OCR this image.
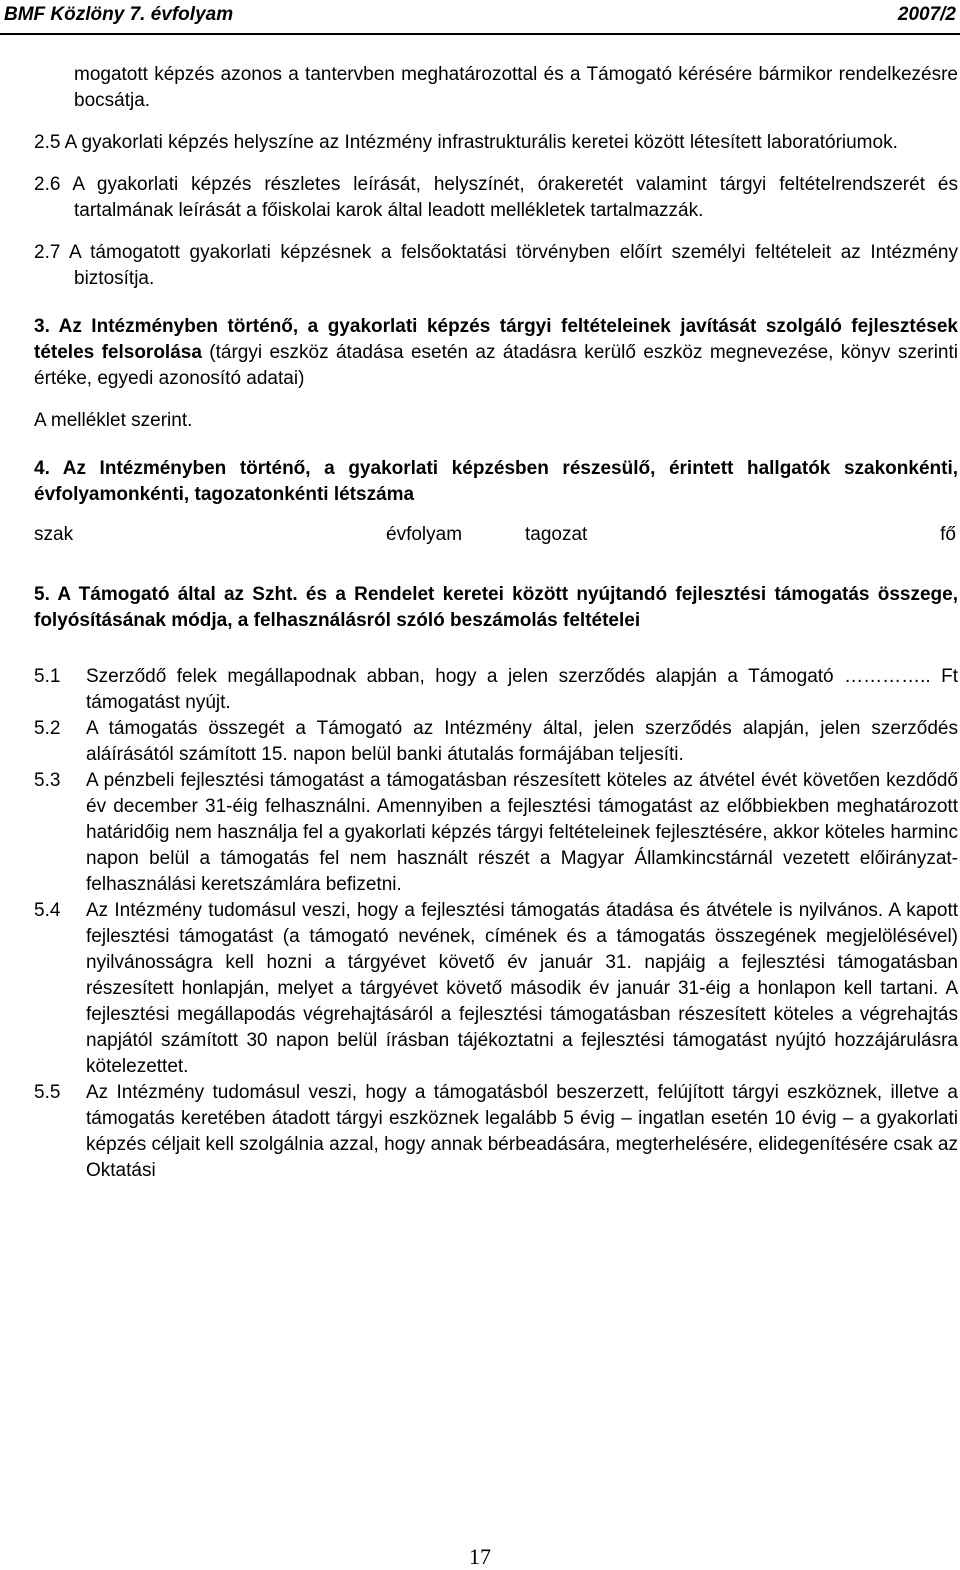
BMF Közlöny 7. évfolyam	2007/2

mogatott képzés azonos a tantervben meghatározottal és a Támogató kérésére bármikor rendelkezésre bocsátja.

2.5 A gyakorlati képzés helyszíne az Intézmény infrastrukturális keretei között létesített laboratóriumok.

2.6 A gyakorlati képzés részletes leírását, helyszínét, órakeretét valamint tárgyi feltételrendszerét és tartalmának leírását a főiskolai karok által leadott mellékletek tartalmazzák.

2.7 A támogatott gyakorlati képzésnek a felsőoktatási törvényben előírt személyi feltételeit az Intézmény biztosítja.

3. Az Intézményben történő, a gyakorlati képzés tárgyi feltételeinek javítását szolgáló fejlesztések tételes felsorolása (tárgyi eszköz átadása esetén az átadásra kerülő eszköz megnevezése, könyv szerinti értéke, egyedi azonosító adatai)

A melléklet szerint.

4. Az Intézményben történő, a gyakorlati képzésben részesülő, érintett hallgatók szakonkénti, évfolyamonkénti, tagozatonkénti létszáma

szak	évfolyam	tagozat	fő

5. A Támogató által az Szht. és a Rendelet keretei között nyújtandó fejlesztési támogatás összege, folyósításának módja, a felhasználásról szóló beszámolás feltételei

5.1	Szerződő felek megállapodnak abban, hogy a jelen szerződés alapján a Támogató ………….. Ft támogatást nyújt.
5.2	A támogatás összegét a Támogató az Intézmény által, jelen szerződés alapján, jelen szerződés aláírásától számított 15. napon belül banki átutalás formájában teljesíti.
5.3	A pénzbeli fejlesztési támogatást a támogatásban részesített köteles az átvétel évét követően kezdődő év december 31-éig felhasználni. Amennyiben a fejlesztési támogatást az előbbiekben meghatározott határidőig nem használja fel a gyakorlati képzés tárgyi feltételeinek fejlesztésére, akkor köteles harminc napon belül a támogatás fel nem használt részét a Magyar Államkincstárnál vezetett előirányzat-felhasználási keretszámlára befizetni.
5.4	Az Intézmény tudomásul veszi, hogy a fejlesztési támogatás átadása és átvétele is nyilvános. A kapott fejlesztési támogatást (a támogató nevének, címének és a támogatás összegének megjelölésével) nyilvánosságra kell hozni a tárgyévet követő év január 31. napjáig a fejlesztési támogatásban részesített honlapján, melyet a tárgyévet követő második év január 31-éig a honlapon kell tartani. A fejlesztési megállapodás végrehajtásáról a fejlesztési támogatásban részesített köteles a végrehajtás napjától számított 30 napon belül írásban tájékoztatni a fejlesztési támogatást nyújtó hozzájárulásra kötelezettet.
5.5	Az Intézmény tudomásul veszi, hogy a támogatásból beszerzett, felújított tárgyi eszköznek, illetve a támogatás keretében átadott tárgyi eszköznek legalább 5 évig – ingatlan esetén 10 évig – a gyakorlati képzés céljait kell szolgálnia azzal, hogy annak bérbeadására, megterhelésére, elidegenítésére csak az Oktatási
17
